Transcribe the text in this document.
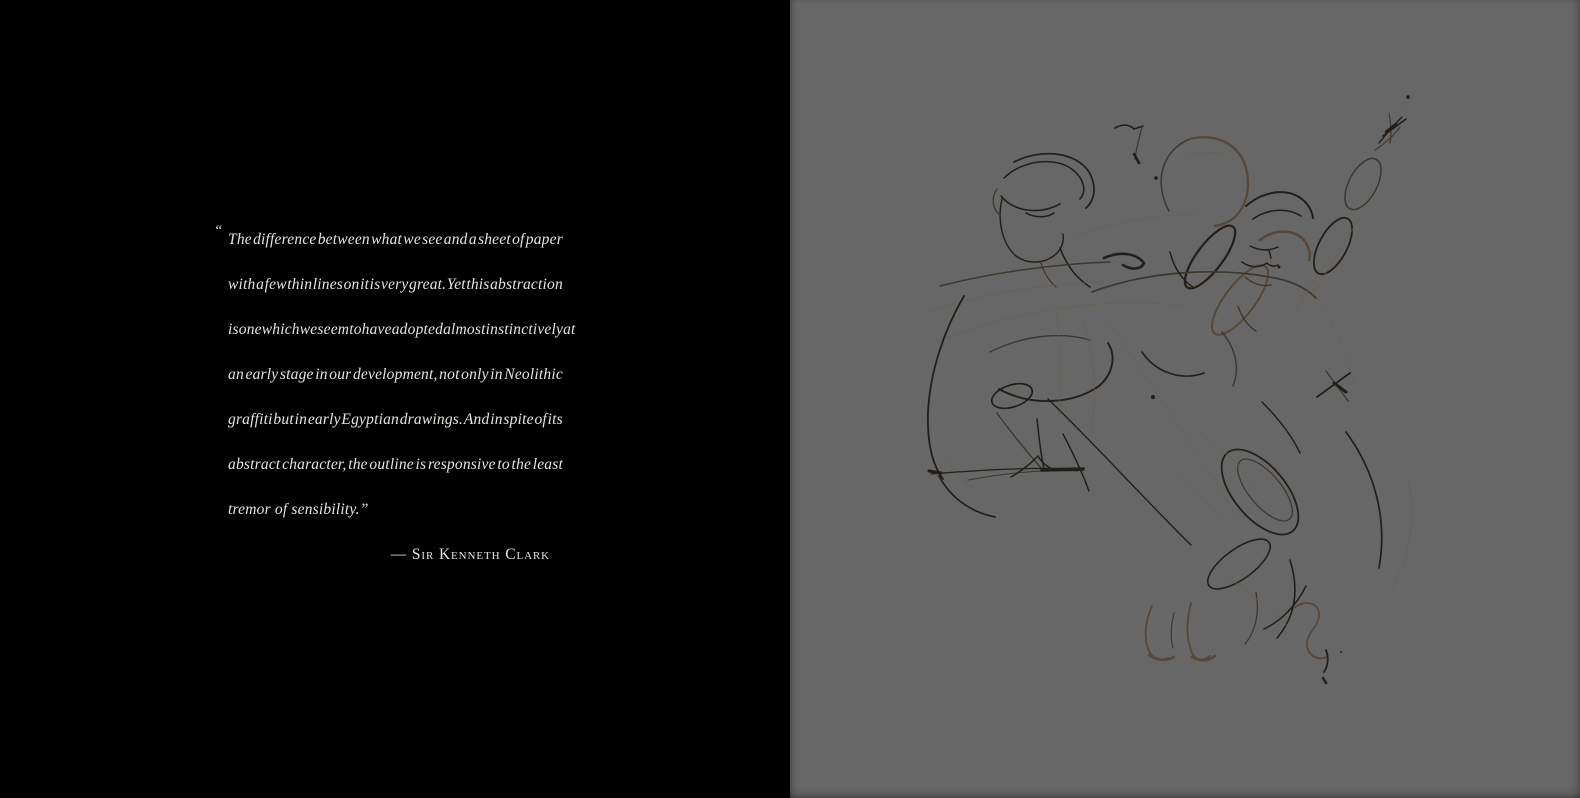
“ The difference between what we see and a sheet of paper
with a few thin lines on it is very great. Yet this abstraction
is one which we seem to have adopted almost instinctively at
an early stage in our development, not only in Neolithic
graffiti but in early Egyptian drawings. And in spite of its
abstract character, the outline is responsive to the least
tremor of sensibility.”
— Sir Kenneth Clark
